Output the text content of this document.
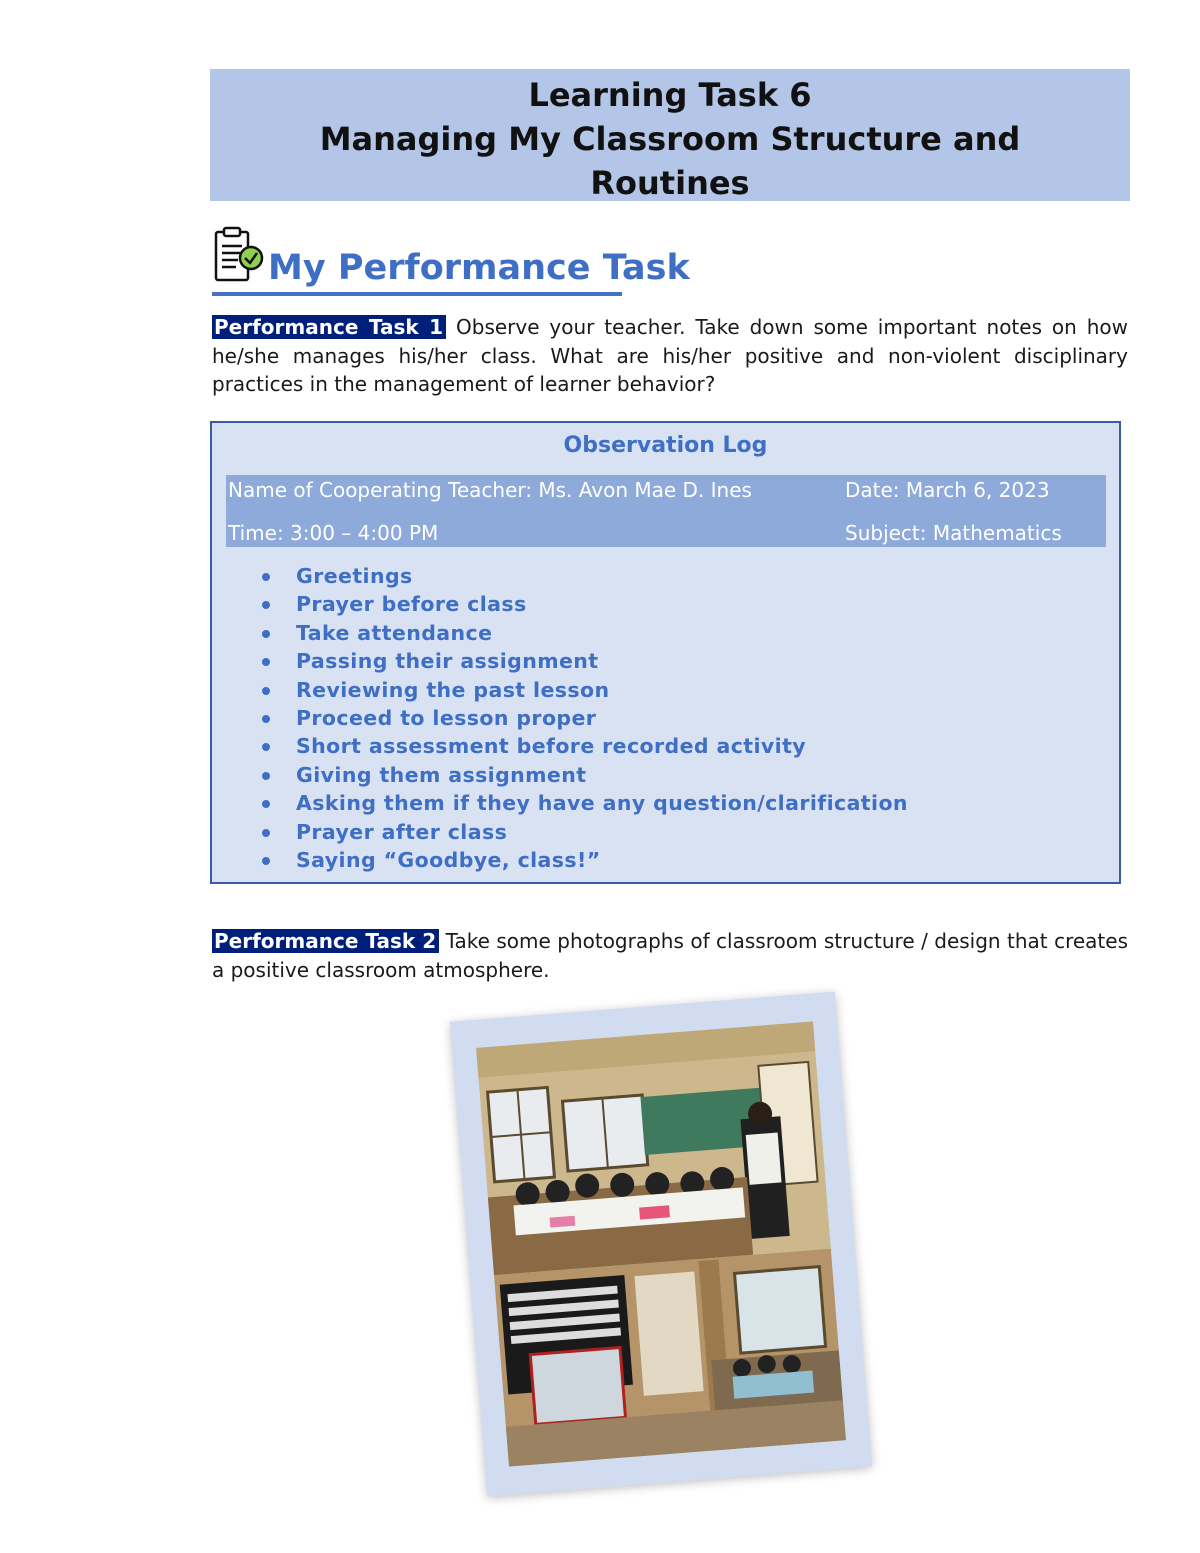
Learning Task 6
Managing My Classroom Structure and
Routines
My Performance Task
Performance Task 1 Observe your teacher. Take down some important notes on how he/she manages his/her class. What are his/her positive and non-violent disciplinary practices in the management of learner behavior?
Observation Log
Name of Cooperating Teacher: Ms. Avon Mae D. Ines	Date: March 6, 2023
Time: 3:00 – 4:00 PM	Subject: Mathematics
Greetings
Prayer before class
Take attendance
Passing their assignment
Reviewing the past lesson
Proceed to lesson proper
Short assessment before recorded activity
Giving them assignment
Asking them if they have any question/clarification
Prayer after class
Saying “Goodbye, class!”
Performance Task 2 Take some photographs of classroom structure / design that creates a positive classroom atmosphere.
